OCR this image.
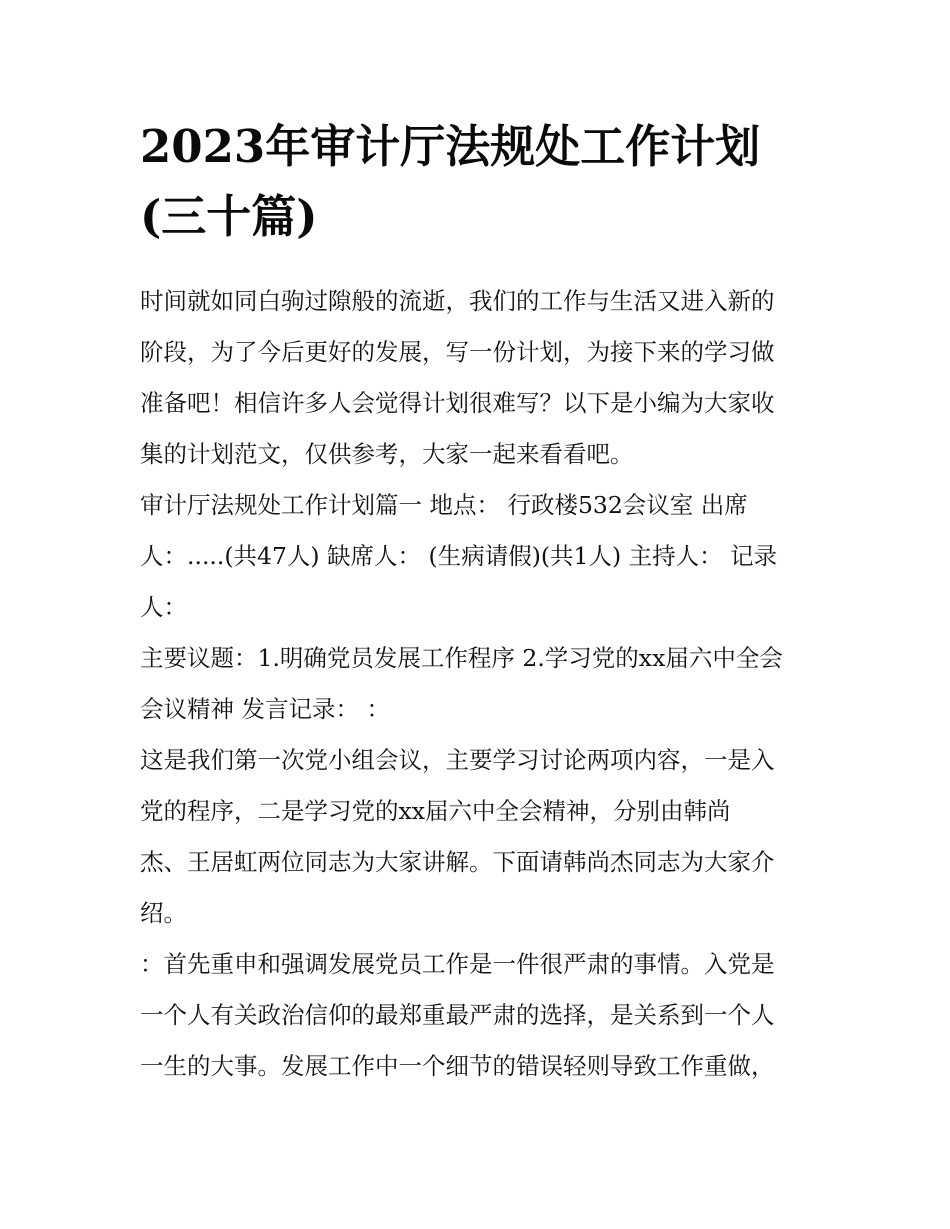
2023年审计厅法规处工作计划
(三十篇)

时间就如同白驹过隙般的流逝，我们的工作与生活又进入新的
阶段，为了今后更好的发展，写一份计划，为接下来的学习做
准备吧！相信许多人会觉得计划很难写？以下是小编为大家收
集的计划范文，仅供参考，大家一起来看看吧。

审计厅法规处工作计划篇一 地点： 行政楼532会议室 出席
人：.....(共47人) 缺席人： (生病请假)(共1人) 主持人： 记录
人：

主要议题：1.明确党员发展工作程序 2.学习党的xx届六中全会
会议精神 发言记录： ：

这是我们第一次党小组会议，主要学习讨论两项内容，一是入
党的程序，二是学习党的xx届六中全会精神，分别由韩尚
杰、王居虹两位同志为大家讲解。下面请韩尚杰同志为大家介
绍。

：首先重申和强调发展党员工作是一件很严肃的事情。入党是
一个人有关政治信仰的最郑重最严肃的选择，是关系到一个人
一生的大事。发展工作中一个细节的错误轻则导致工作重做，
